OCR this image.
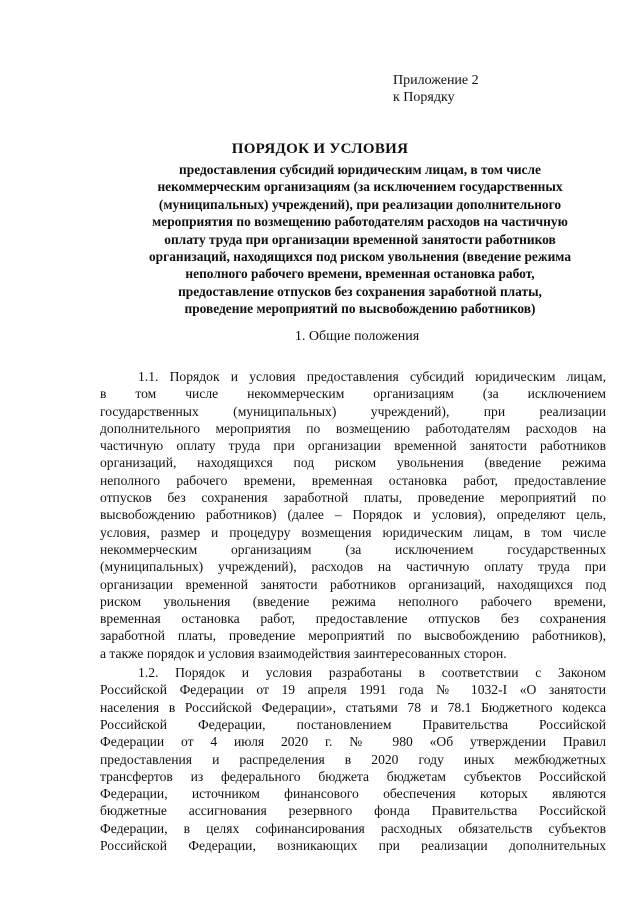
Приложение 2
к Порядку
ПОРЯДОК И УСЛОВИЯ
предоставления субсидий юридическим лицам, в том числе
некоммерческим организациям (за исключением государственных
(муниципальных) учреждений), при реализации дополнительного
мероприятия по возмещению работодателям расходов на частичную
оплату труда при организации временной занятости работников
организаций, находящихся под риском увольнения (введение режима
неполного рабочего времени, временная остановка работ,
предоставление отпусков без сохранения заработной платы,
проведение мероприятий по высвобождению работников)
1. Общие положения
1.1. Порядок и условия предоставления субсидий юридическим лицам,
в том числе некоммерческим организациям (за исключением
государственных (муниципальных) учреждений), при реализации
дополнительного мероприятия по возмещению работодателям расходов на
частичную оплату труда при организации временной занятости работников
организаций, находящихся под риском увольнения (введение режима
неполного рабочего времени, временная остановка работ, предоставление
отпусков без сохранения заработной платы, проведение мероприятий по
высвобождению работников) (далее – Порядок и условия), определяют цель,
условия, размер и процедуру возмещения юридическим лицам, в том числе
некоммерческим организациям (за исключением государственных
(муниципальных) учреждений), расходов на частичную оплату труда при
организации временной занятости работников организаций, находящихся под
риском увольнения (введение режима неполного рабочего времени,
временная остановка работ, предоставление отпусков без сохранения
заработной платы, проведение мероприятий по высвобождению работников),
а также порядок и условия взаимодействия заинтересованных сторон.
1.2. Порядок и условия разработаны в соответствии с Законом
Российской Федерации от 19 апреля 1991 года № 1032-I «О занятости
населения в Российской Федерации», статьями 78 и 78.1 Бюджетного кодекса
Российской Федерации, постановлением Правительства Российской
Федерации от 4 июля 2020 г. № 980 «Об утверждении Правил
предоставления и распределения в 2020 году иных межбюджетных
трансфертов из федерального бюджета бюджетам субъектов Российской
Федерации, источником финансового обеспечения которых являются
бюджетные ассигнования резервного фонда Правительства Российской
Федерации, в целях софинансирования расходных обязательств субъектов
Российской Федерации, возникающих при реализации дополнительных
